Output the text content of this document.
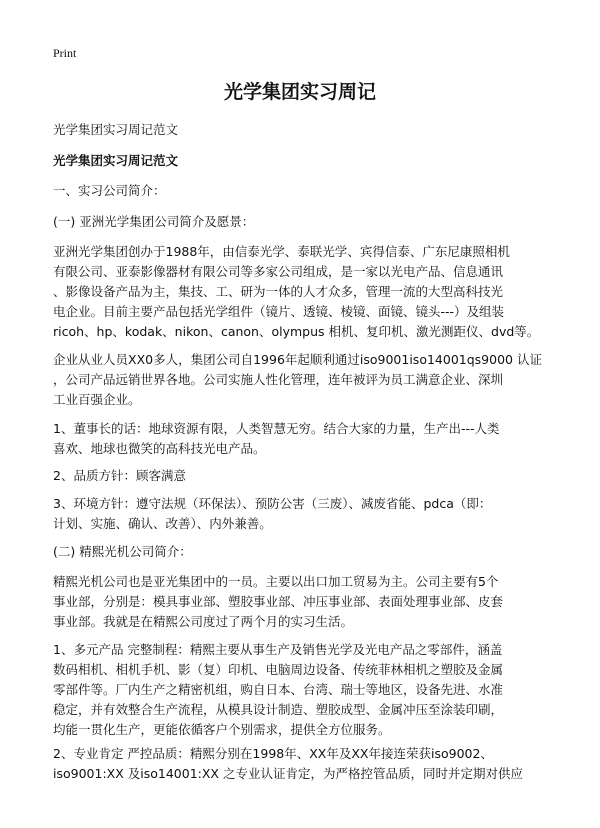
Print
光学集团实习周记
光学集团实习周记范文
光学集团实习周记范文
一、实习公司简介：
(一) 亚洲光学集团公司简介及愿景：
亚洲光学集团创办于1988年，由信泰光学、泰联光学、宾得信泰、广东尼康照相机
有限公司、亚泰影像器材有限公司等多家公司组成，是一家以光电产品、信息通讯
、影像设备产品为主，集技、工、研为一体的人才众多，管理一流的大型高科技光
电企业。目前主要产品包括光学组件（镜片、透镜、棱镜、面镜、镜头---）及组装
ricoh、hp、kodak、nikon、canon、olympus 相机、复印机、激光测距仪、dvd等。
企业从业人员XX0多人，集团公司自1996年起顺利通过iso9001iso14001qs9000 认证
，公司产品远销世界各地。公司实施人性化管理，连年被评为员工满意企业、深圳
工业百强企业。
1、董事长的话：地球资源有限，人类智慧无穷。结合大家的力量，生产出---人类
喜欢、地球也微笑的高科技光电产品。
2、品质方针：顾客满意
3、环境方针：遵守法规（环保法）、预防公害（三废）、减废省能、pdca（即：
计划、实施、确认、改善）、内外兼善。
(二) 精熙光机公司简介：
精熙光机公司也是亚光集团中的一员。主要以出口加工贸易为主。公司主要有5个
事业部，分别是：模具事业部、塑胶事业部、冲压事业部、表面处理事业部、皮套
事业部。我就是在精熙公司度过了两个月的实习生活。
1、多元产品 完整制程：精熙主要从事生产及销售光学及光电产品之零部件，涵盖
数码相机、相机手机、影（复）印机、电脑周边设备、传统菲林相机之塑胶及金属
零部件等。厂内生产之精密机组，购自日本、台湾、瑞士等地区，设备先进、水准
稳定，并有效整合生产流程，从模具设计制造、塑胶成型、金属冲压至涂装印刷，
均能一贯化生产，更能依循客户个别需求，提供全方位服务。
2、专业肯定 严控品质：精熙分别在1998年、XX年及XX年接连荣获iso9002、
iso9001:XX 及iso14001:XX 之专业认证肯定，为严格控管品质，同时并定期对供应
